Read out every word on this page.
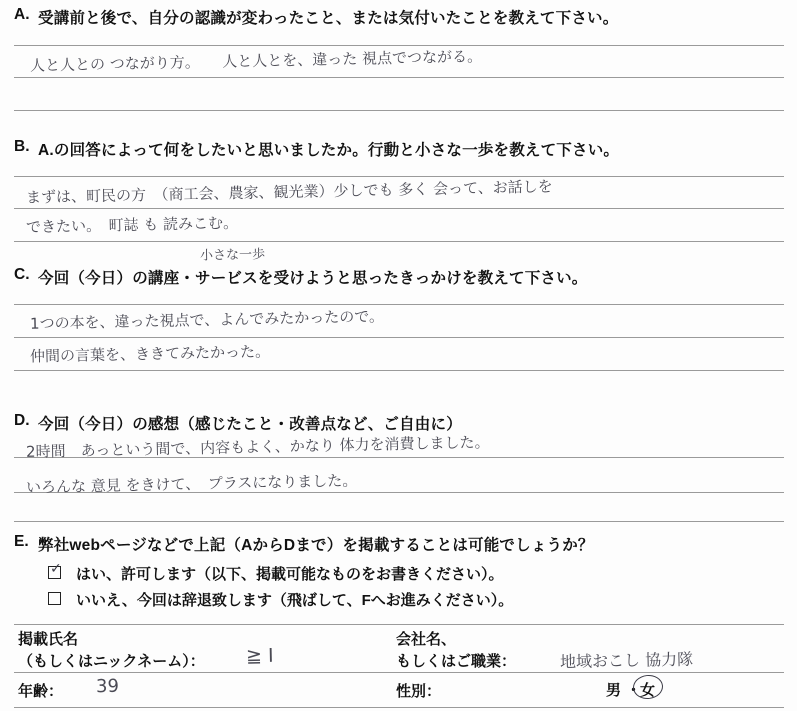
A. 受講前と後で、自分の認識が変わったこと、または気付いたことを教えて下さい。
人と人との つながり方。　　人と人とを、違った 視点でつながる。
B. A.の回答によって何をしたいと思いましたか。行動と小さな一歩を教えて下さい。
まずは、町民の方　（商工会、農家、観光業）少しでも 多く 会って、お話しを
できたい。　町誌 も 読みこむ。
小さな一歩
C. 今回（今日）の講座・サービスを受けようと思ったきっかけを教えて下さい。
1つの本を、違った視点で、よんでみたかったので。
仲間の言葉を、ききてみたかった。
D. 今回（今日）の感想（感じたこと・改善点など、ご自由に）
2時間　あっという間で、内容もよく、かなり 体力を消費しました。
いろんな 意見 をきけて、　プラスになりました。
E. 弊社webページなどで上記（AからDまで）を掲載することは可能でしょうか？
✓ はい、許可します（以下、掲載可能なものをお書きください）。
いいえ、今回は辞退致します（飛ばして、Fへお進みください）。
掲載氏名
（もしくはニックネーム）： ≧ I
会社名、
もしくはご職業：	地域おこし 協力隊
年齢： 39	性別：	男 ・
女
